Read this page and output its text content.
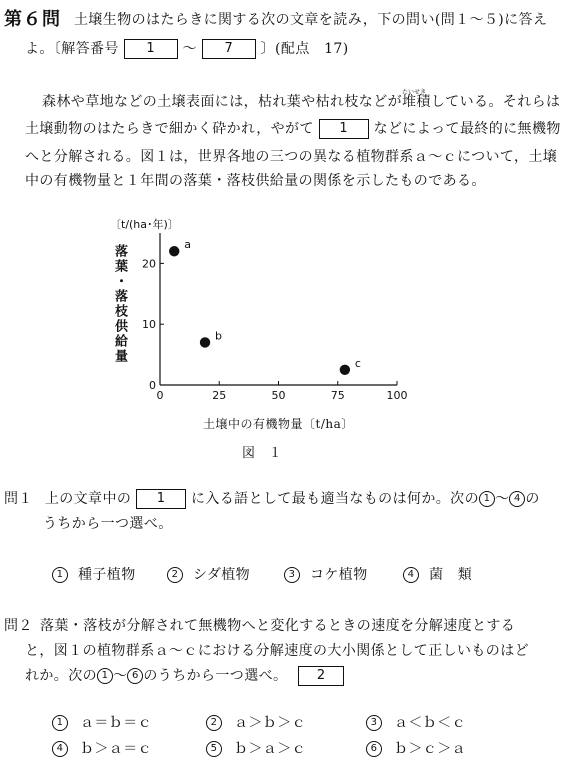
第６問 土壌生物のはたらきに関する次の文章を読み，下の問い(問１～５)に答え
よ。〔解答番号 1 ～ 7 〕(配点　17)
森林や草地などの土壌表面には，枯れ葉や枯れ枝などが堆積
たいせき
している。それらは
土壌動物のはたらきで細かく砕かれ，やがて 1 などによって最終的に無機物
へと分解される。図１は，世界各地の三つの異なる植物群系ａ～ｃについて，土壌
中の有機物量と１年間の落葉・落枝供給量の関係を示したものである。
〔t/(ha･年)〕
落葉・落枝供給量
0	25	50	75	100
0
10
20
a
b
c
土壌中の有機物量〔t/ha〕
図　１
問１ 上の文章中の 1 に入る語として最も適当なものは何か。次の 1 ～ 4 の
うちから一つ選べ。
1 種子植物	2 シダ植物	3 コケ植物	4 菌　類
問２ 落葉・落枝が分解されて無機物へと変化するときの速度を分解速度とする
と，図１の植物群系ａ～ｃにおける分解速度の大小関係として正しいものはど
れか。次の 1 ～ 6 のうちから一つ選べ。 2
1 ａ＝ｂ＝ｃ	2 ａ＞ｂ＞ｃ	3 ａ＜ｂ＜ｃ
4 ｂ＞ａ＝ｃ	5 ｂ＞ａ＞ｃ	6 ｂ＞ｃ＞ａ
